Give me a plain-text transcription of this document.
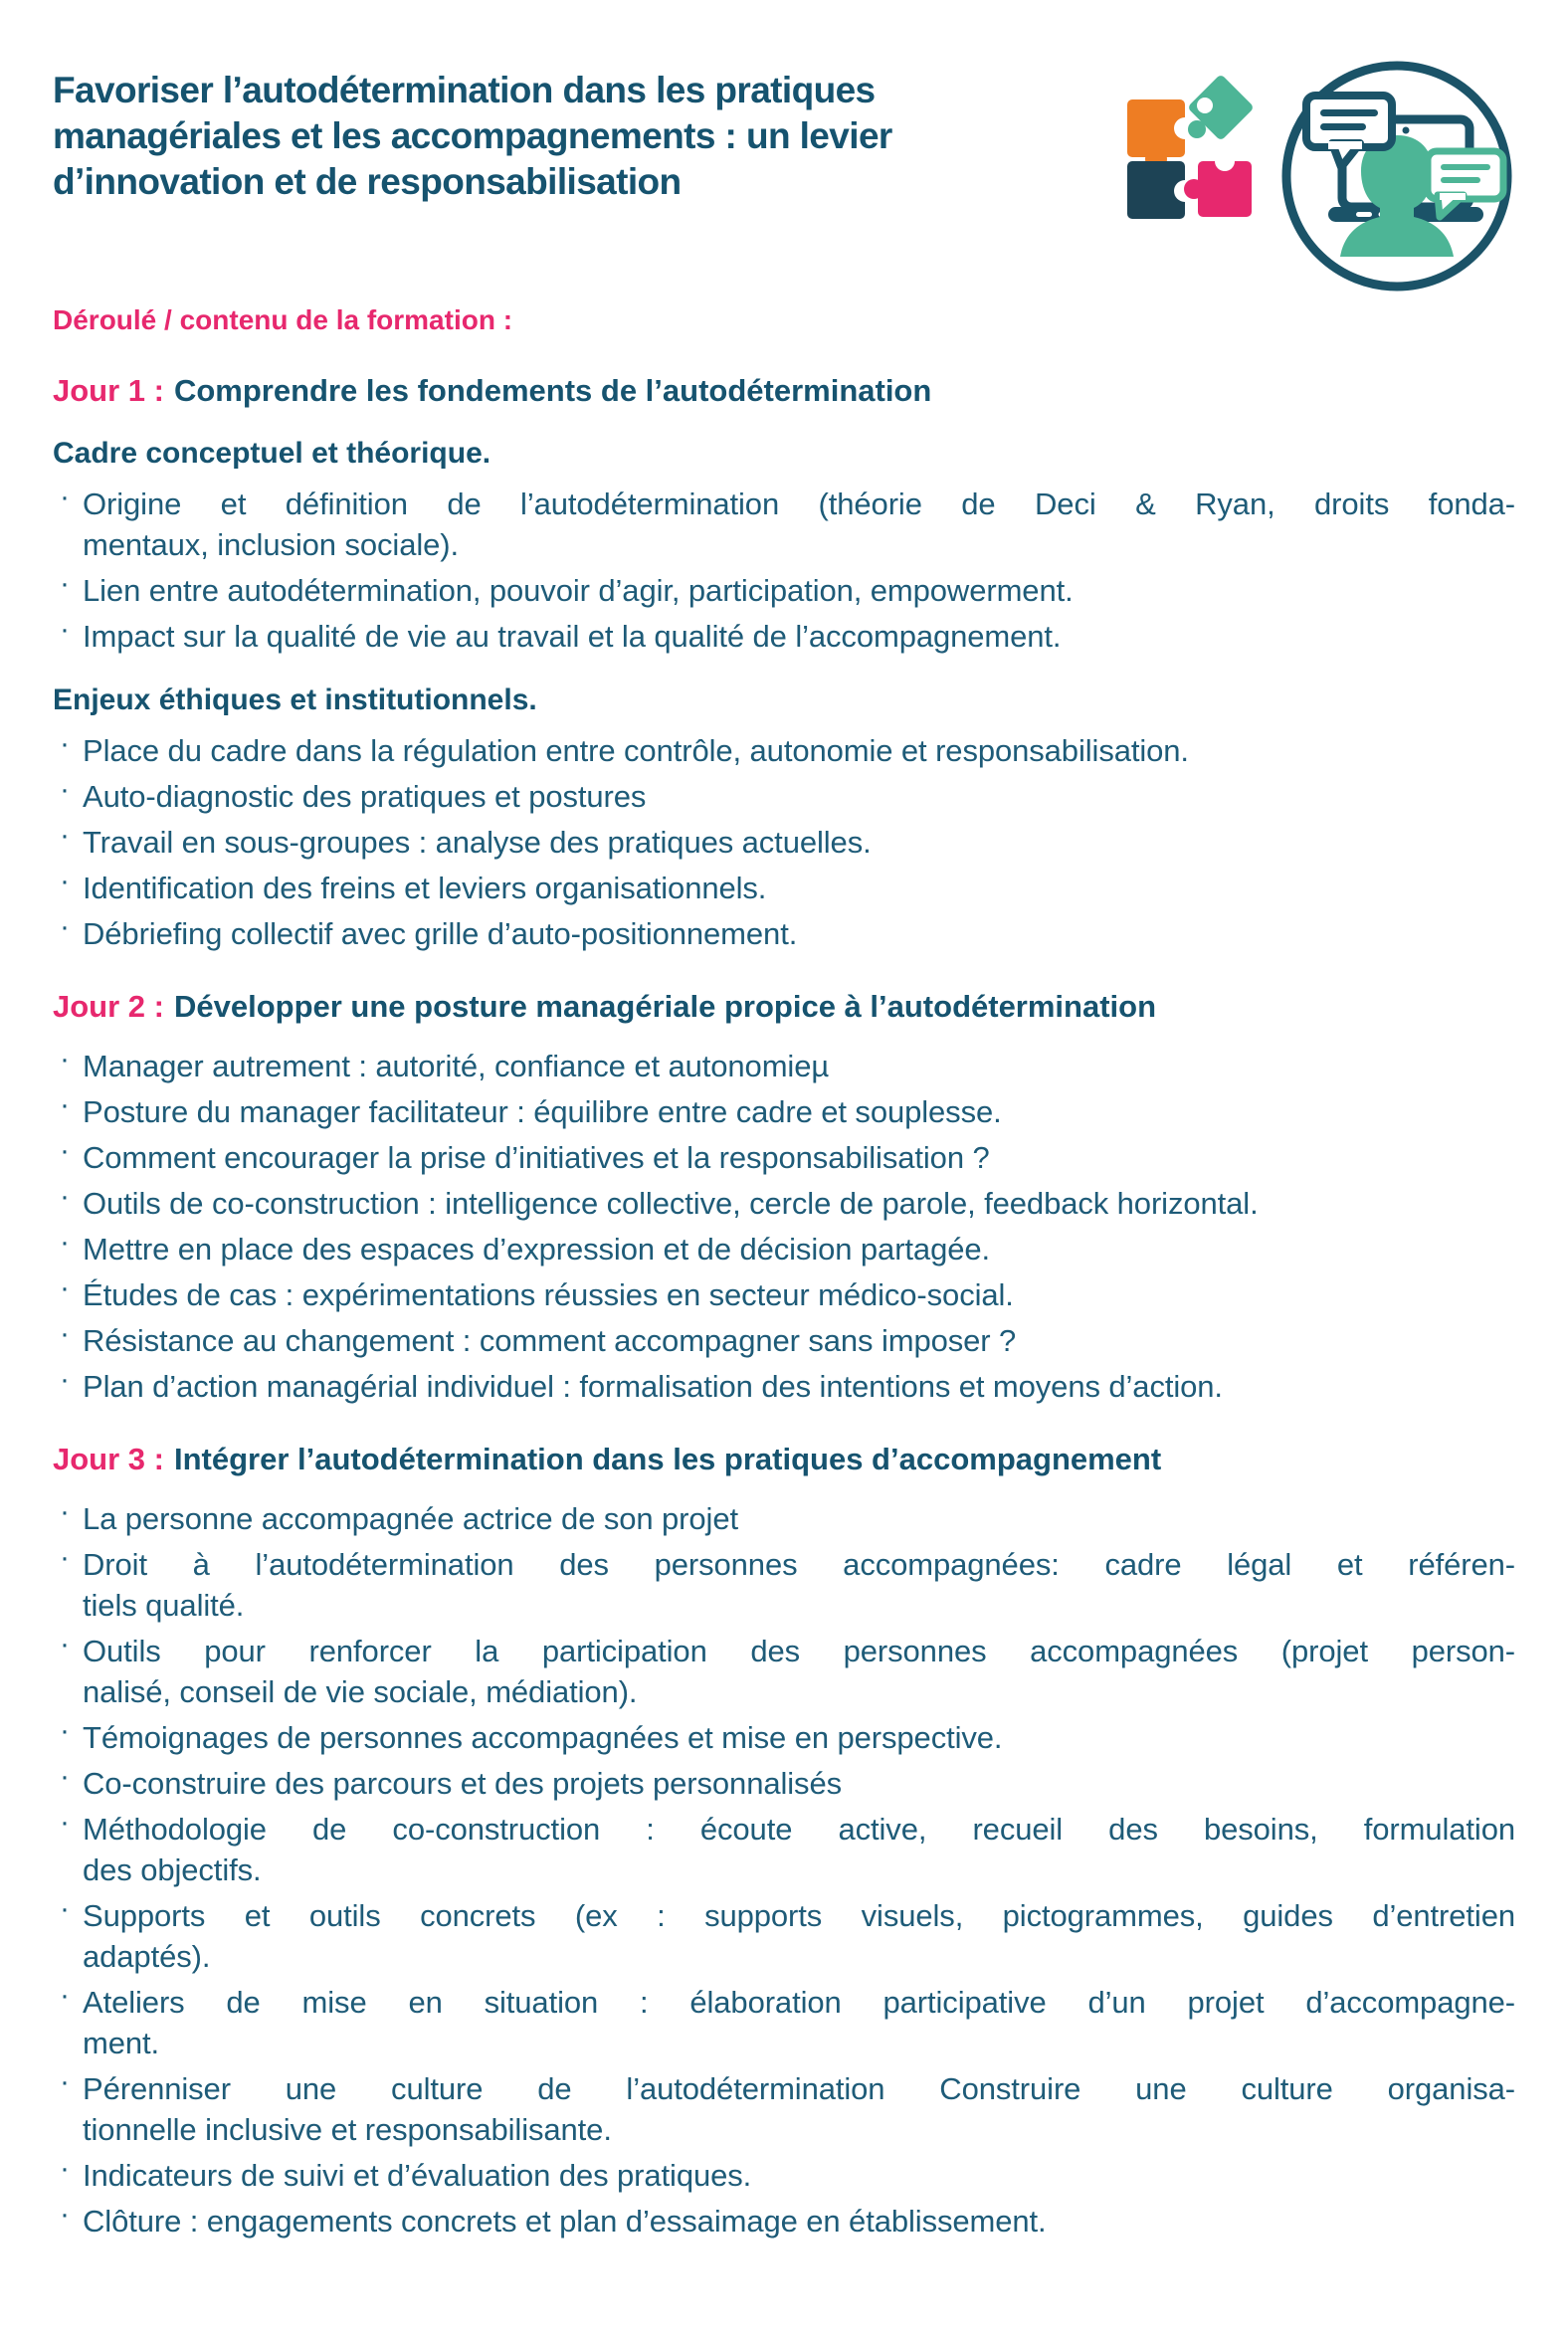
Favoriser l’autodétermination dans les pratiques
managériales et les accompagnements : un levier
d’innovation et de responsabilisation
Déroulé / contenu de la formation :
Jour 1 : Comprendre les fondements de l’autodétermination
Cadre conceptuel et théorique.
· Origine et définition de l’autodétermination (théorie de Deci & Ryan, droits fonda-
mentaux, inclusion sociale).
· Lien entre autodétermination, pouvoir d’agir, participation, empowerment.
· Impact sur la qualité de vie au travail et la qualité de l’accompagnement.
Enjeux éthiques et institutionnels.
· Place du cadre dans la régulation entre contrôle, autonomie et responsabilisation.
· Auto-diagnostic des pratiques et postures
· Travail en sous-groupes : analyse des pratiques actuelles.
· Identification des freins et leviers organisationnels.
· Débriefing collectif avec grille d’auto-positionnement.
Jour 2 : Développer une posture managériale propice à l’autodétermination
· Manager autrement : autorité, confiance et autonomieµ
· Posture du manager facilitateur : équilibre entre cadre et souplesse.
· Comment encourager la prise d’initiatives et la responsabilisation ?
· Outils de co-construction : intelligence collective, cercle de parole, feedback horizontal.
· Mettre en place des espaces d’expression et de décision partagée.
· Études de cas : expérimentations réussies en secteur médico-social.
· Résistance au changement : comment accompagner sans imposer ?
· Plan d’action managérial individuel : formalisation des intentions et moyens d’action.
Jour 3 : Intégrer l’autodétermination dans les pratiques d’accompagnement
· La personne accompagnée actrice de son projet
· Droit à l’autodétermination des personnes accompagnées: cadre légal et référen-
tiels qualité.
· Outils pour renforcer la participation des personnes accompagnées (projet person-
nalisé, conseil de vie sociale, médiation).
· Témoignages de personnes accompagnées et mise en perspective.
· Co-construire des parcours et des projets personnalisés
· Méthodologie de co-construction : écoute active, recueil des besoins, formulation
des objectifs.
· Supports et outils concrets (ex : supports visuels, pictogrammes, guides d’entretien
adaptés).
· Ateliers de mise en situation : élaboration participative d’un projet d’accompagne-
ment.
· Pérenniser une culture de l’autodétermination Construire une culture organisa-
tionnelle inclusive et responsabilisante.
· Indicateurs de suivi et d’évaluation des pratiques.
· Clôture : engagements concrets et plan d’essaimage en établissement.
